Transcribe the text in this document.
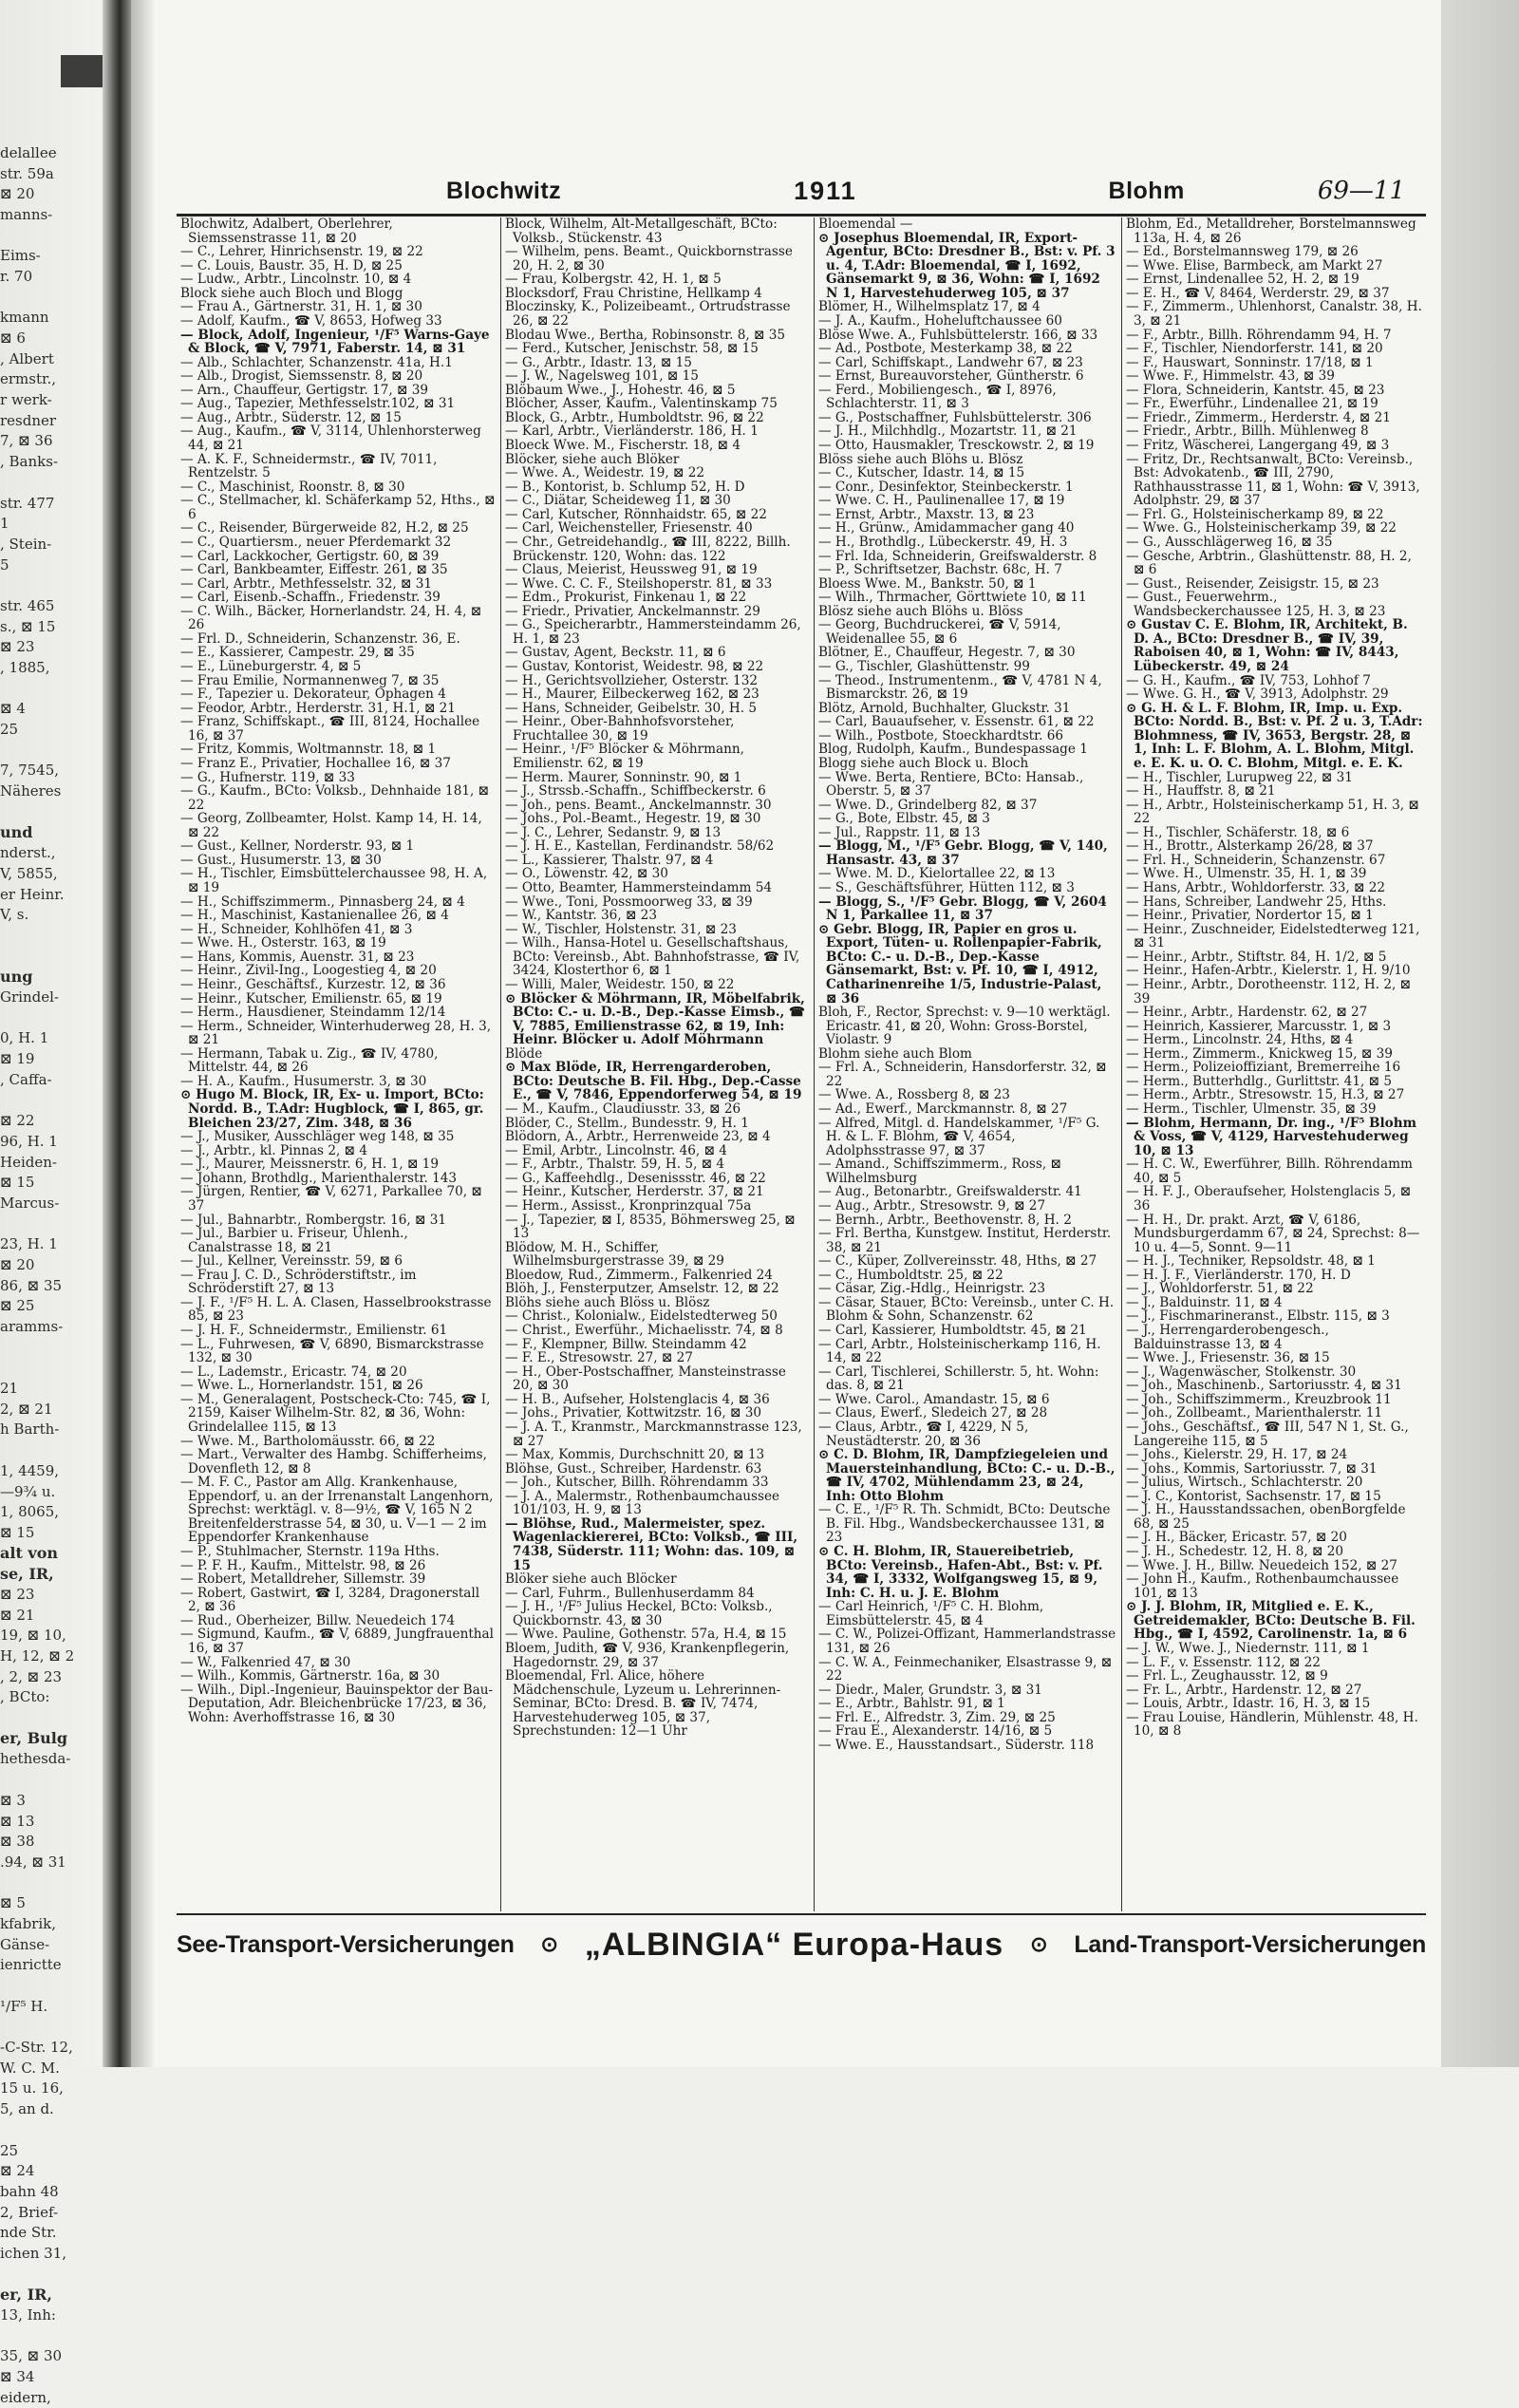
delallee
str. 59a
⊠ 20
manns-
Eims-
r. 70
kmann
⊠ 6
, Albert
ermstr.,
r werk-
resdner
7, ⊠ 36
, Banks-
str. 477
1
, Stein-
5
str. 465
s., ⊠ 15
⊠ 23
, 1885,
⊠ 4
25
7, 7545,
Näheres
und
nderst.,
V, 5855,
er Heinr.
V, s.
ung
Grindel-
0, H. 1
⊠ 19
, Caffa-
⊠ 22
96, H. 1
Heiden-
⊠ 15
Marcus-
23, H. 1
⊠ 20
86, ⊠ 35
⊠ 25
aramms-
21
2, ⊠ 21
h Barth-
1, 4459,
—9¾ u.
1, 8065,
⊠ 15
alt von
se, IR,
⊠ 23
⊠ 21
19, ⊠ 10,
H, 12, ⊠ 2
, 2, ⊠ 23
, BCto:
er, Bulg
hethesda-
⊠ 3
⊠ 13
⊠ 38
.94, ⊠ 31
⊠ 5
kfabrik,
Gänse-
ienrictte
¹/F⁵ H.
-C-Str. 12,
W. C. M.
15 u. 16,
5, an d.
25
⊠ 24
bahn 48
2, Brief-
nde Str.
ichen 31,
er, IR,
13, Inh:
35, ⊠ 30
⊠ 34
eidern,
Blochwitz	1911	Blohm	69—11
Blochwitz, Adalbert, Oberlehrer, Siemssenstrasse 11, ⊠ 20
— C., Lehrer, Hinrichsenstr. 19, ⊠ 22
— C. Louis, Baustr. 35, H. D, ⊠ 25
— Ludw., Arbtr., Lincolnstr. 10, ⊠ 4
Block siehe auch Bloch und Blogg
— Frau A., Gärtnerstr. 31, H. 1, ⊠ 30
— Adolf, Kaufm., ☎ V, 8653, Hofweg 33
— Block, Adolf, Ingenieur, ¹/F⁵ Warns-Gaye & Block, ☎ V, 7971, Faberstr. 14, ⊠ 31
— Alb., Schlachter, Schanzenstr. 41a, H.1
— Alb., Drogist, Siemssenstr. 8, ⊠ 20
— Arn., Chauffeur, Gertigstr. 17, ⊠ 39
— Aug., Tapezier, Methfesselstr.102, ⊠ 31
— Aug., Arbtr., Süderstr. 12, ⊠ 15
— Aug., Kaufm., ☎ V, 3114, Uhlenhorsterweg 44, ⊠ 21
— A. K. F., Schneidermstr., ☎ IV, 7011, Rentzelstr. 5
— C., Maschinist, Roonstr. 8, ⊠ 30
— C., Stellmacher, kl. Schäferkamp 52, Hths., ⊠ 6
— C., Reisender, Bürgerweide 82, H.2, ⊠ 25
— C., Quartiersm., neuer Pferdemarkt 32
— Carl, Lackkocher, Gertigstr. 60, ⊠ 39
— Carl, Bankbeamter, Eiffestr. 261, ⊠ 35
— Carl, Arbtr., Methfesselstr. 32, ⊠ 31
— Carl, Eisenb.-Schaffn., Friedenstr. 39
— C. Wilh., Bäcker, Hornerlandstr. 24, H. 4, ⊠ 26
— Frl. D., Schneiderin, Schanzenstr. 36, E.
— E., Kassierer, Campestr. 29, ⊠ 35
— E., Lüneburgerstr. 4, ⊠ 5
— Frau Emilie, Normannenweg 7, ⊠ 35
— F., Tapezier u. Dekorateur, Ophagen 4
— Feodor, Arbtr., Herderstr. 31, H.1, ⊠ 21
— Franz, Schiffskapt., ☎ III, 8124, Hochallee 16, ⊠ 37
— Fritz, Kommis, Woltmannstr. 18, ⊠ 1
— Franz E., Privatier, Hochallee 16, ⊠ 37
— G., Hufnerstr. 119, ⊠ 33
— G., Kaufm., BCto: Volksb., Dehnhaide 181, ⊠ 22
— Georg, Zollbeamter, Holst. Kamp 14, H. 14, ⊠ 22
— Gust., Kellner, Norderstr. 93, ⊠ 1
— Gust., Husumerstr. 13, ⊠ 30
— H., Tischler, Eimsbüttelerchaussee 98, H. A, ⊠ 19
— H., Schiffszimmerm., Pinnasberg 24, ⊠ 4
— H., Maschinist, Kastanienallee 26, ⊠ 4
— H., Schneider, Kohlhöfen 41, ⊠ 3
— Wwe. H., Osterstr. 163, ⊠ 19
— Hans, Kommis, Auenstr. 31, ⊠ 23
— Heinr., Zivil-Ing., Loogestieg 4, ⊠ 20
— Heinr., Geschäftsf., Kurzestr. 12, ⊠ 36
— Heinr., Kutscher, Emilienstr. 65, ⊠ 19
— Herm., Hausdiener, Steindamm 12/14
— Herm., Schneider, Winterhuderweg 28, H. 3, ⊠ 21
— Hermann, Tabak u. Zig., ☎ IV, 4780, Mittelstr. 44, ⊠ 26
— H. A., Kaufm., Husumerstr. 3, ⊠ 30
⊙ Hugo M. Block, IR, Ex- u. Import, BCto: Nordd. B., T.Adr: Hugblock, ☎ I, 865, gr. Bleichen 23/27, Zim. 348, ⊠ 36
— J., Musiker, Ausschläger weg 148, ⊠ 35
— J., Arbtr., kl. Pinnas 2, ⊠ 4
— J., Maurer, Meissnerstr. 6, H. 1, ⊠ 19
— Johann, Brothdlg., Marienthalerstr. 143
— Jürgen, Rentier, ☎ V, 6271, Parkallee 70, ⊠ 37
— Jul., Bahnarbtr., Rombergstr. 16, ⊠ 31
— Jul., Barbier u. Friseur, Uhlenh., Canalstrasse 18, ⊠ 21
— Jul., Kellner, Vereinsstr. 59, ⊠ 6
— Frau J. C. D., Schröderstiftstr., im Schröderstift 27, ⊠ 13
— J. F., ¹/F⁵ H. L. A. Clasen, Hasselbrookstrasse 85, ⊠ 23
— J. H. F., Schneidermstr., Emilienstr. 61
— L., Fuhrwesen, ☎ V, 6890, Bismarckstrasse 132, ⊠ 30
— L., Lademstr., Ericastr. 74, ⊠ 20
— Wwe. L., Hornerlandstr. 151, ⊠ 26
— M., Generalagent, Postscheck-Cto: 745, ☎ I, 2159, Kaiser Wilhelm-Str. 82, ⊠ 36, Wohn: Grindelallee 115, ⊠ 13
— Wwe. M., Bartholomäusstr. 66, ⊠ 22
— Mart., Verwalter des Hambg. Schifferheims, Dovenfleth 12, ⊠ 8
— M. F. C., Pastor am Allg. Krankenhause, Eppendorf, u. an der Irrenanstalt Langenhorn, Sprechst: werktägl. v. 8—9½, ☎ V, 165 N 2 Breitenfelderstrasse 54, ⊠ 30, u. V—1 — 2 im Eppendorfer Krankenhause
— P., Stuhlmacher, Sternstr. 119a Hths.
— P. F. H., Kaufm., Mittelstr. 98, ⊠ 26
— Robert, Metalldreher, Sillemstr. 39
— Robert, Gastwirt, ☎ I, 3284, Dragonerstall 2, ⊠ 36
— Rud., Oberheizer, Billw. Neuedeich 174
— Sigmund, Kaufm., ☎ V, 6889, Jungfrauenthal 16, ⊠ 37
— W., Falkenried 47, ⊠ 30
— Wilh., Kommis, Gärtnerstr. 16a, ⊠ 30
— Wilh., Dipl.-Ingenieur, Bauinspektor der Bau-Deputation, Adr. Bleichenbrücke 17/23, ⊠ 36, Wohn: Averhoffstrasse 16, ⊠ 30
Block, Wilhelm, Alt-Metallgeschäft, BCto: Volksb., Stückenstr. 43
— Wilhelm, pens. Beamt., Quickbornstrasse 20, H. 2, ⊠ 30
— Frau, Kolbergstr. 42, H. 1, ⊠ 5
Blocksdorf, Frau Christine, Hellkamp 4
Bloczinsky, K., Polizeibeamt., Ortrudstrasse 26, ⊠ 22
Blodau Wwe., Bertha, Robinsonstr. 8, ⊠ 35
— Ferd., Kutscher, Jenischstr. 58, ⊠ 15
— G., Arbtr., Idastr. 13, ⊠ 15
— J. W., Nagelsweg 101, ⊠ 15
Blöbaum Wwe., J., Hohestr. 46, ⊠ 5
Blöcher, Asser, Kaufm., Valentinskamp 75
Block, G., Arbtr., Humboldtstr. 96, ⊠ 22
— Karl, Arbtr., Vierländerstr. 186, H. 1
Bloeck Wwe. M., Fischerstr. 18, ⊠ 4
Blöcker, siehe auch Blöker
— Wwe. A., Weidestr. 19, ⊠ 22
— B., Kontorist, b. Schlump 52, H. D
— C., Diätar, Scheideweg 11, ⊠ 30
— Carl, Kutscher, Rönnhaidstr. 65, ⊠ 22
— Carl, Weichensteller, Friesenstr. 40
— Chr., Getreidehandlg., ☎ III, 8222, Billh. Brückenstr. 120, Wohn: das. 122
— Claus, Meierist, Heussweg 91, ⊠ 19
— Wwe. C. C. F., Steilshoperstr. 81, ⊠ 33
— Edm., Prokurist, Finkenau 1, ⊠ 22
— Friedr., Privatier, Anckelmannstr. 29
— G., Speicherarbtr., Hammersteindamm 26, H. 1, ⊠ 23
— Gustav, Agent, Beckstr. 11, ⊠ 6
— Gustav, Kontorist, Weidestr. 98, ⊠ 22
— H., Gerichtsvollzieher, Osterstr. 132
— H., Maurer, Eilbeckerweg 162, ⊠ 23
— Hans, Schneider, Geibelstr. 30, H. 5
— Heinr., Ober-Bahnhofsvorsteher, Fruchtallee 30, ⊠ 19
— Heinr., ¹/F⁵ Blöcker & Möhrmann, Emilienstr. 62, ⊠ 19
— Herm. Maurer, Sonninstr. 90, ⊠ 1
— J., Strssb.-Schaffn., Schiffbeckerstr. 6
— Joh., pens. Beamt., Anckelmannstr. 30
— Johs., Pol.-Beamt., Hegestr. 19, ⊠ 30
— J. C., Lehrer, Sedanstr. 9, ⊠ 13
— J. H. E., Kastellan, Ferdinandstr. 58/62
— L., Kassierer, Thalstr. 97, ⊠ 4
— O., Löwenstr. 42, ⊠ 30
— Otto, Beamter, Hammersteindamm 54
— Wwe., Toni, Possmoorweg 33, ⊠ 39
— W., Kantstr. 36, ⊠ 23
— W., Tischler, Holstenstr. 31, ⊠ 23
— Wilh., Hansa-Hotel u. Gesellschaftshaus, BCto: Vereinsb., Abt. Bahnhofstrasse, ☎ IV, 3424, Klosterthor 6, ⊠ 1
— Willi, Maler, Weidestr. 150, ⊠ 22
⊙ Blöcker & Möhrmann, IR, Möbelfabrik, BCto: C.- u. D.-B., Dep.-Kasse Eimsb., ☎ V, 7885, Emilienstrasse 62, ⊠ 19, Inh: Heinr. Blöcker u. Adolf Möhrmann
Blöde
⊙ Max Blöde, IR, Herrengarderoben, BCto: Deutsche B. Fil. Hbg., Dep.-Casse E., ☎ V, 7846, Eppendorferweg 54, ⊠ 19
— M., Kaufm., Claudiusstr. 33, ⊠ 26
Blöder, C., Stellm., Bundesstr. 9, H. 1
Blödorn, A., Arbtr., Herrenweide 23, ⊠ 4
— Emil, Arbtr., Lincolnstr. 46, ⊠ 4
— F., Arbtr., Thalstr. 59, H. 5, ⊠ 4
— G., Kaffeehdlg., Desenissstr. 46, ⊠ 22
— Heinr., Kutscher, Herderstr. 37, ⊠ 21
— Herm., Assisst., Kronprinzqual 75a
— J., Tapezier, ⊠ I, 8535, Böhmersweg 25, ⊠ 13
Blödow, M. H., Schiffer, Wilhelmsburgerstrasse 39, ⊠ 29
Bloedow, Rud., Zimmerm., Falkenried 24
Blöh, J., Fensterputzer, Amselstr. 12, ⊠ 22
Blöhs siehe auch Blöss u. Blösz
— Christ., Kolonialw., Eidelstedterweg 50
— Christ., Ewerführ., Michaelisstr. 74, ⊠ 8
— F., Klempner, Billw. Steindamm 42
— F. E., Stresowstr. 27, ⊠ 27
— H., Ober-Postschaffner, Mansteinstrasse 20, ⊠ 30
— H. B., Aufseher, Holstenglacis 4, ⊠ 36
— Johs., Privatier, Kottwitzstr. 16, ⊠ 30
— J. A. T., Kranmstr., Marckmannstrasse 123, ⊠ 27
— Max, Kommis, Durchschnitt 20, ⊠ 13
Blöhse, Gust., Schreiber, Hardenstr. 63
— Joh., Kutscher, Billh. Röhrendamm 33
— J. A., Malermstr., Rothenbaumchaussee 101/103, H. 9, ⊠ 13
— Blöhse, Rud., Malermeister, spez. Wagenlackiererei, BCto: Volksb., ☎ III, 7438, Süderstr. 111; Wohn: das. 109, ⊠ 15
Blöker siehe auch Blöcker
— Carl, Fuhrm., Bullenhuserdamm 84
— J. H., ¹/F⁵ Julius Heckel, BCto: Volksb., Quickbornstr. 43, ⊠ 30
— Wwe. Pauline, Gothenstr. 57a, H.4, ⊠ 15
Bloem, Judith, ☎ V, 936, Krankenpflegerin, Hagedornstr. 29, ⊠ 37
Bloemendal, Frl. Alice, höhere Mädchenschule, Lyzeum u. Lehrerinnen-Seminar, BCto: Dresd. B. ☎ IV, 7474, Harvestehuderweg 105, ⊠ 37, Sprechstunden: 12—1 Uhr
Bloemendal —
⊙ Josephus Bloemendal, IR, Export-Agentur, BCto: Dresdner B., Bst: v. Pf. 3 u. 4, T.Adr: Bloemendal, ☎ I, 1692, Gänsemarkt 9, ⊠ 36, Wohn: ☎ I, 1692 N 1, Harvestehuderweg 105, ⊠ 37
Blömer, H., Wilhelmsplatz 17, ⊠ 4
— J. A., Kaufm., Hoheluftchaussee 60
Blöse Wwe. A., Fuhlsbüttelerstr. 166, ⊠ 33
— Ad., Postbote, Mesterkamp 38, ⊠ 22
— Carl, Schiffskapt., Landwehr 67, ⊠ 23
— Ernst, Bureauvorsteher, Güntherstr. 6
— Ferd., Mobiliengesch., ☎ I, 8976, Schlachterstr. 11, ⊠ 3
— G., Postschaffner, Fuhlsbüttelerstr. 306
— J. H., Milchhdlg., Mozartstr. 11, ⊠ 21
— Otto, Hausmakler, Tresckowstr. 2, ⊠ 19
Blöss siehe auch Blöhs u. Blösz
— C., Kutscher, Idastr. 14, ⊠ 15
— Conr., Desinfektor, Steinbeckerstr. 1
— Wwe. C. H., Paulinenallee 17, ⊠ 19
— Ernst, Arbtr., Maxstr. 13, ⊠ 23
— H., Grünw., Amidammacher gang 40
— H., Brothdlg., Lübeckerstr. 49, H. 3
— Frl. Ida, Schneiderin, Greifswalderstr. 8
— P., Schriftsetzer, Bachstr. 68c, H. 7
Bloess Wwe. M., Bankstr. 50, ⊠ 1
— Wilh., Thrmacher, Görttwiete 10, ⊠ 11
Blösz siehe auch Blöhs u. Blöss
— Georg, Buchdruckerei, ☎ V, 5914, Weidenallee 55, ⊠ 6
Blötner, E., Chauffeur, Hegestr. 7, ⊠ 30
— G., Tischler, Glashüttenstr. 99
— Theod., Instrumentenm., ☎ V, 4781 N 4, Bismarckstr. 26, ⊠ 19
Blötz, Arnold, Buchhalter, Gluckstr. 31
— Carl, Bauaufseher, v. Essenstr. 61, ⊠ 22
— Wilh., Postbote, Stoeckhardtstr. 66
Blog, Rudolph, Kaufm., Bundespassage 1
Blogg siehe auch Block u. Bloch
— Wwe. Berta, Rentiere, BCto: Hansab., Oberstr. 5, ⊠ 37
— Wwe. D., Grindelberg 82, ⊠ 37
— G., Bote, Elbstr. 45, ⊠ 3
— Jul., Rappstr. 11, ⊠ 13
— Blogg, M., ¹/F⁵ Gebr. Blogg, ☎ V, 140, Hansastr. 43, ⊠ 37
— Wwe. M. D., Kielortallee 22, ⊠ 13
— S., Geschäftsführer, Hütten 112, ⊠ 3
— Blogg, S., ¹/F⁵ Gebr. Blogg, ☎ V, 2604 N 1, Parkallee 11, ⊠ 37
⊙ Gebr. Blogg, IR, Papier en gros u. Export, Tüten- u. Rollenpapier-Fabrik, BCto: C.- u. D.-B., Dep.-Kasse Gänsemarkt, Bst: v. Pf. 10, ☎ I, 4912, Catharinenreihe 1/5, Industrie-Palast, ⊠ 36
Bloh, F., Rector, Sprechst: v. 9—10 werktägl. Ericastr. 41, ⊠ 20, Wohn: Gross-Borstel, Violastr. 9
Blohm siehe auch Blom
— Frl. A., Schneiderin, Hansdorferstr. 32, ⊠ 22
— Wwe. A., Rossberg 8, ⊠ 23
— Ad., Ewerf., Marckmannstr. 8, ⊠ 27
— Alfred, Mitgl. d. Handelskammer, ¹/F⁵ G. H. & L. F. Blohm, ☎ V, 4654, Adolphsstrasse 97, ⊠ 37
— Amand., Schiffszimmerm., Ross, ⊠ Wilhelmsburg
— Aug., Betonarbtr., Greifswalderstr. 41
— Aug., Arbtr., Stresowstr. 9, ⊠ 27
— Bernh., Arbtr., Beethovenstr. 8, H. 2
— Frl. Bertha, Kunstgew. Institut, Herderstr. 38, ⊠ 21
— C., Küper, Zollvereinsstr. 48, Hths, ⊠ 27
— C., Humboldtstr. 25, ⊠ 22
— Cäsar, Zig.-Hdlg., Heinrigstr. 23
— Cäsar, Stauer, BCto: Vereinsb., unter C. H. Blohm & Sohn, Schanzenstr. 62
— Carl, Kassierer, Humboldtstr. 45, ⊠ 21
— Carl, Arbtr., Holsteinischerkamp 116, H. 14, ⊠ 22
— Carl, Tischlerei, Schillerstr. 5, ht. Wohn: das. 8, ⊠ 21
— Wwe. Carol., Amandastr. 15, ⊠ 6
— Claus, Ewerf., Sledeich 27, ⊠ 28
— Claus, Arbtr., ☎ I, 4229, N 5, Neustädterstr. 20, ⊠ 36
⊙ C. D. Blohm, IR, Dampfziegeleien und Mauersteinhandlung, BCto: C.- u. D.-B., ☎ IV, 4702, Mühlendamm 23, ⊠ 24, Inh: Otto Blohm
— C. E., ¹/F⁵ R. Th. Schmidt, BCto: Deutsche B. Fil. Hbg., Wandsbeckerchaussee 131, ⊠ 23
⊙ C. H. Blohm, IR, Stauereibetrieb, BCto: Vereinsb., Hafen-Abt., Bst: v. Pf. 34, ☎ I, 3332, Wolfgangsweg 15, ⊠ 9, Inh: C. H. u. J. E. Blohm
— Carl Heinrich, ¹/F⁵ C. H. Blohm, Eimsbüttelerstr. 45, ⊠ 4
— C. W., Polizei-Offizant, Hammerlandstrasse 131, ⊠ 26
— C. W. A., Feinmechaniker, Elsastrasse 9, ⊠ 22
— Diedr., Maler, Grundstr. 3, ⊠ 31
— E., Arbtr., Bahlstr. 91, ⊠ 1
— Frl. E., Alfredstr. 3, Zim. 29, ⊠ 25
— Frau E., Alexanderstr. 14/16, ⊠ 5
— Wwe. E., Hausstandsart., Süderstr. 118
Blohm, Ed., Metalldreher, Borstelmannsweg 113a, H. 4, ⊠ 26
— Ed., Borstelmannsweg 179, ⊠ 26
— Wwe. Elise, Barmbeck, am Markt 27
— Ernst, Lindenallee 52, H. 2, ⊠ 19
— E. H., ☎ V, 8464, Werderstr. 29, ⊠ 37
— F., Zimmerm., Uhlenhorst, Canalstr. 38, H. 3, ⊠ 21
— F., Arbtr., Billh. Röhrendamm 94, H. 7
— F., Tischler, Niendorferstr. 141, ⊠ 20
— F., Hauswart, Sonninstr. 17/18, ⊠ 1
— Wwe. F., Himmelstr. 43, ⊠ 39
— Flora, Schneiderin, Kantstr. 45, ⊠ 23
— Fr., Ewerführ., Lindenallee 21, ⊠ 19
— Friedr., Zimmerm., Herderstr. 4, ⊠ 21
— Friedr., Arbtr., Billh. Mühlenweg 8
— Fritz, Wäscherei, Langergang 49, ⊠ 3
— Fritz, Dr., Rechtsanwalt, BCto: Vereinsb., Bst: Advokatenb., ☎ III, 2790, Rathhausstrasse 11, ⊠ 1, Wohn: ☎ V, 3913, Adolphstr. 29, ⊠ 37
— Frl. G., Holsteinischerkamp 89, ⊠ 22
— Wwe. G., Holsteinischerkamp 39, ⊠ 22
— G., Ausschlägerweg 16, ⊠ 35
— Gesche, Arbtrin., Glashüttenstr. 88, H. 2, ⊠ 6
— Gust., Reisender, Zeisigstr. 15, ⊠ 23
— Gust., Feuerwehrm., Wandsbeckerchaussee 125, H. 3, ⊠ 23
⊙ Gustav C. E. Blohm, IR, Architekt, B. D. A., BCto: Dresdner B., ☎ IV, 39, Raboisen 40, ⊠ 1, Wohn: ☎ IV, 8443, Lübeckerstr. 49, ⊠ 24
— G. H., Kaufm., ☎ IV, 753, Lohhof 7
— Wwe. G. H., ☎ V, 3913, Adolphstr. 29
⊙ G. H. & L. F. Blohm, IR, Imp. u. Exp. BCto: Nordd. B., Bst: v. Pf. 2 u. 3, T.Adr: Blohmness, ☎ IV, 3653, Bergstr. 28, ⊠ 1, Inh: L. F. Blohm, A. L. Blohm, Mitgl. e. E. K. u. O. C. Blohm, Mitgl. e. E. K.
— H., Tischler, Lurupweg 22, ⊠ 31
— H., Hauffstr. 8, ⊠ 21
— H., Arbtr., Holsteinischerkamp 51, H. 3, ⊠ 22
— H., Tischler, Schäferstr. 18, ⊠ 6
— H., Brottr., Alsterkamp 26/28, ⊠ 37
— Frl. H., Schneiderin, Schanzenstr. 67
— Wwe. H., Ulmenstr. 35, H. 1, ⊠ 39
— Hans, Arbtr., Wohldorferstr. 33, ⊠ 22
— Hans, Schreiber, Landwehr 25, Hths.
— Heinr., Privatier, Nordertor 15, ⊠ 1
— Heinr., Zuschneider, Eidelstedterweg 121, ⊠ 31
— Heinr., Arbtr., Stiftstr. 84, H. 1/2, ⊠ 5
— Heinr., Hafen-Arbtr., Kielerstr. 1, H. 9/10
— Heinr., Arbtr., Dorotheenstr. 112, H. 2, ⊠ 39
— Heinr., Arbtr., Hardenstr. 62, ⊠ 27
— Heinrich, Kassierer, Marcusstr. 1, ⊠ 3
— Herm., Lincolnstr. 24, Hths, ⊠ 4
— Herm., Zimmerm., Knickweg 15, ⊠ 39
— Herm., Polizeioffiziant, Bremerreihe 16
— Herm., Butterhdlg., Gurlittstr. 41, ⊠ 5
— Herm., Arbtr., Stresowstr. 15, H.3, ⊠ 27
— Herm., Tischler, Ulmenstr. 35, ⊠ 39
— Blohm, Hermann, Dr. ing., ¹/F⁵ Blohm & Voss, ☎ V, 4129, Harvestehuderweg 10, ⊠ 13
— H. C. W., Ewerführer, Billh. Röhrendamm 40, ⊠ 5
— H. F. J., Oberaufseher, Holstenglacis 5, ⊠ 36
— H. H., Dr. prakt. Arzt, ☎ V, 6186, Mundsburgerdamm 67, ⊠ 24, Sprechst: 8—10 u. 4—5, Sonnt. 9—11
— H. J., Techniker, Repsoldstr. 48, ⊠ 1
— H. J. F., Vierländerstr. 170, H. D
— J., Wohldorferstr. 51, ⊠ 22
— J., Balduinstr. 11, ⊠ 4
— J., Fischmarineranst., Elbstr. 115, ⊠ 3
— J., Herrengarderobengesch., Balduinstrasse 13, ⊠ 4
— Wwe. J., Friesenstr. 36, ⊠ 15
— J., Wagenwäscher, Stolkenstr. 30
— Joh., Maschinenb., Sartoriusstr. 4, ⊠ 31
— Joh., Schiffszimmerm., Kreuzbrook 11
— Joh., Zollbeamt., Marienthalerstr. 11
— Johs., Geschäftsf., ☎ III, 547 N 1, St. G., Langereihe 115, ⊠ 5
— Johs., Kielerstr. 29, H. 17, ⊠ 24
— Johs., Kommis, Sartoriusstr. 7, ⊠ 31
— Julius, Wirtsch., Schlachterstr. 20
— J. C., Kontorist, Sachsenstr. 17, ⊠ 15
— J. H., Hausstandssachen, obenBorgfelde 68, ⊠ 25
— J. H., Bäcker, Ericastr. 57, ⊠ 20
— J. H., Schedestr. 12, H. 8, ⊠ 20
— Wwe. J. H., Billw. Neuedeich 152, ⊠ 27
— John H., Kaufm., Rothenbaumchaussee 101, ⊠ 13
⊙ J. J. Blohm, IR, Mitglied e. E. K., Getreidemakler, BCto: Deutsche B. Fil. Hbg., ☎ I, 4592, Carolinenstr. 1a, ⊠ 6
— J. W., Wwe. J., Niedernstr. 111, ⊠ 1
— L. F., v. Essenstr. 112, ⊠ 22
— Frl. L., Zeughausstr. 12, ⊠ 9
— Fr. L., Arbtr., Hardenstr. 12, ⊠ 27
— Louis, Arbtr., Idastr. 16, H. 3, ⊠ 15
— Frau Louise, Händlerin, Mühlenstr. 48, H. 10, ⊠ 8
See-Transport-Versicherungen ⊙ „ALBINGIA“ Europa-Haus ⊙ Land-Transport-Versicherungen
